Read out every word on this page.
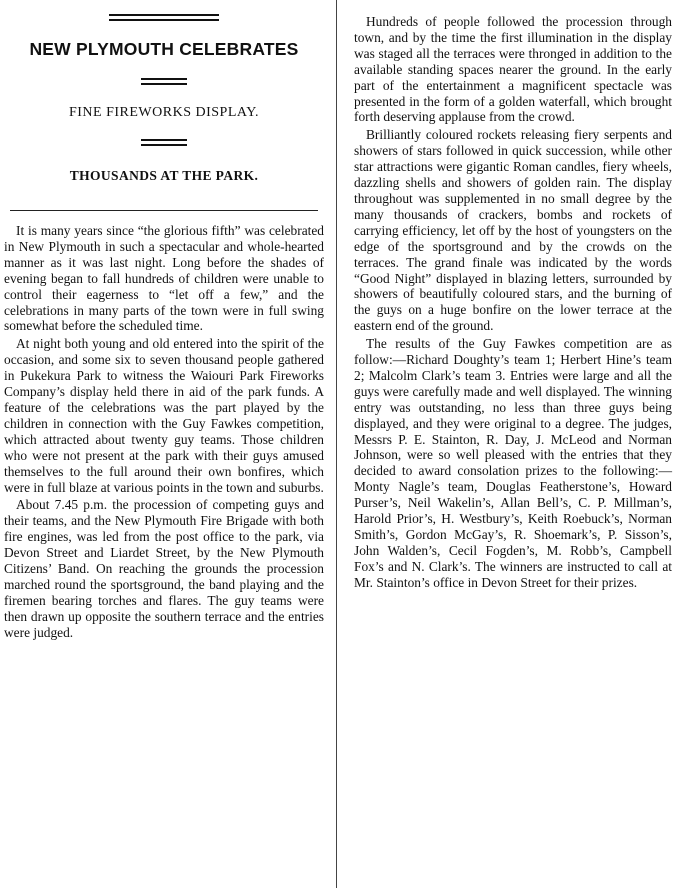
NEW PLYMOUTH CELEBRATES
FINE FIREWORKS DISPLAY.
THOUSANDS AT THE PARK.

It is many years since “the glorious fifth” was celebrated in New Plymouth in such a spectacular and whole-hearted manner as it was last night. Long before the shades of evening began to fall hundreds of children were unable to control their eagerness to “let off a few,” and the celebrations in many parts of the town were in full swing somewhat before the scheduled time.

At night both young and old entered into the spirit of the occasion, and some six to seven thousand people gathered in Pukekura Park to witness the Waiouri Park Fireworks Company’s display held there in aid of the park funds. A feature of the celebrations was the part played by the children in connection with the Guy Fawkes competition, which attracted about twenty guy teams. Those children who were not present at the park with their guys amused themselves to the full around their own bonfires, which were in full blaze at various points in the town and suburbs.

About 7.45 p.m. the procession of competing guys and their teams, and the New Plymouth Fire Brigade with both fire engines, was led from the post office to the park, via Devon Street and Liardet Street, by the New Plymouth Citizens’ Band. On reaching the grounds the procession marched round the sportsground, the band playing and the firemen bearing torches and flares. The guy teams were then drawn up opposite the southern terrace and the entries were judged.

Hundreds of people followed the procession through town, and by the time the first illumination in the display was staged all the terraces were thronged in addition to the available standing spaces nearer the ground. In the early part of the entertainment a magnificent spectacle was presented in the form of a golden waterfall, which brought forth deserving applause from the crowd.

Brilliantly coloured rockets releasing fiery serpents and showers of stars followed in quick succession, while other star attractions were gigantic Roman candles, fiery wheels, dazzling shells and showers of golden rain. The display throughout was supplemented in no small degree by the many thousands of crackers, bombs and rockets of carrying efficiency, let off by the host of youngsters on the edge of the sportsground and by the crowds on the terraces. The grand finale was indicated by the words “Good Night” displayed in blazing letters, surrounded by showers of beautifully coloured stars, and the burning of the guys on a huge bonfire on the lower terrace at the eastern end of the ground.

The results of the Guy Fawkes competition are as follow:—Richard Doughty’s team 1; Herbert Hine’s team 2; Malcolm Clark’s team 3. Entries were large and all the guys were carefully made and well displayed. The winning entry was outstanding, no less than three guys being displayed, and they were original to a degree. The judges, Messrs P. E. Stainton, R. Day, J. McLeod and Norman Johnson, were so well pleased with the entries that they decided to award consolation prizes to the following:—Monty Nagle’s team, Douglas Featherstone’s, Howard Purser’s, Neil Wakelin’s, Allan Bell’s, C. P. Millman’s, Harold Prior’s, H. Westbury’s, Keith Roebuck’s, Norman Smith’s, Gordon McGay’s, R. Shoemark’s, P. Sisson’s, John Walden’s, Cecil Fogden’s, M. Robb’s, Campbell Fox’s and N. Clark’s. The winners are instructed to call at Mr. Stainton’s office in Devon Street for their prizes.
